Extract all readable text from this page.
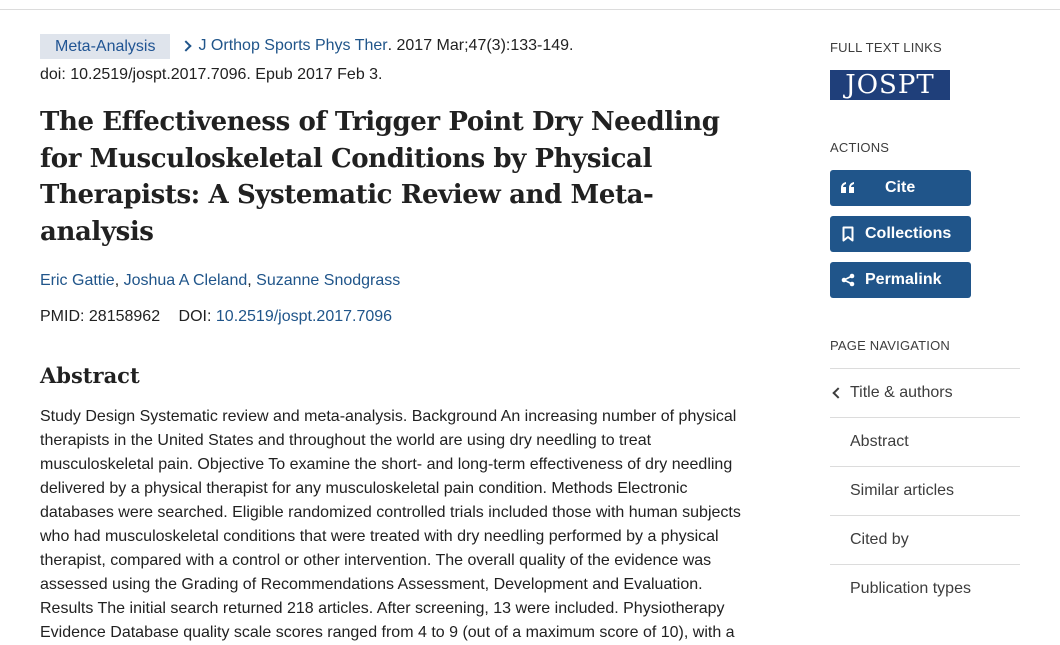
Meta-Analysis	J Orthop Sports Phys Ther . 2017 Mar;47(3):133-149.
doi: 10.2519/jospt.2017.7096. Epub 2017 Feb 3.
The Effectiveness of Trigger Point Dry Needling for Musculoskeletal Conditions by Physical Therapists: A Systematic Review and Meta-analysis
Eric Gattie, Joshua A Cleland, Suzanne Snodgrass
PMID: 28158962 DOI: 10.2519/jospt.2017.7096
Abstract

Study Design Systematic review and meta-analysis. Background An increasing number of physical therapists in the United States and throughout the world are using dry needling to treat musculoskeletal pain. Objective To examine the short- and long-term effectiveness of dry needling delivered by a physical therapist for any musculoskeletal pain condition. Methods Electronic databases were searched. Eligible randomized controlled trials included those with human subjects who had musculoskeletal conditions that were treated with dry needling performed by a physical therapist, compared with a control or other intervention. The overall quality of the evidence was assessed using the Grading of Recommendations Assessment, Development and Evaluation. Results The initial search returned 218 articles. After screening, 13 were included. Physiotherapy Evidence Database quality scale scores ranged from 4 to 9 (out of a maximum score of 10), with a

FULL TEXT LINKS
JOSPT
ACTIONS
Cite
Collections
Permalink
PAGE NAVIGATION
Title & authors
Abstract
Similar articles
Cited by
Publication types
